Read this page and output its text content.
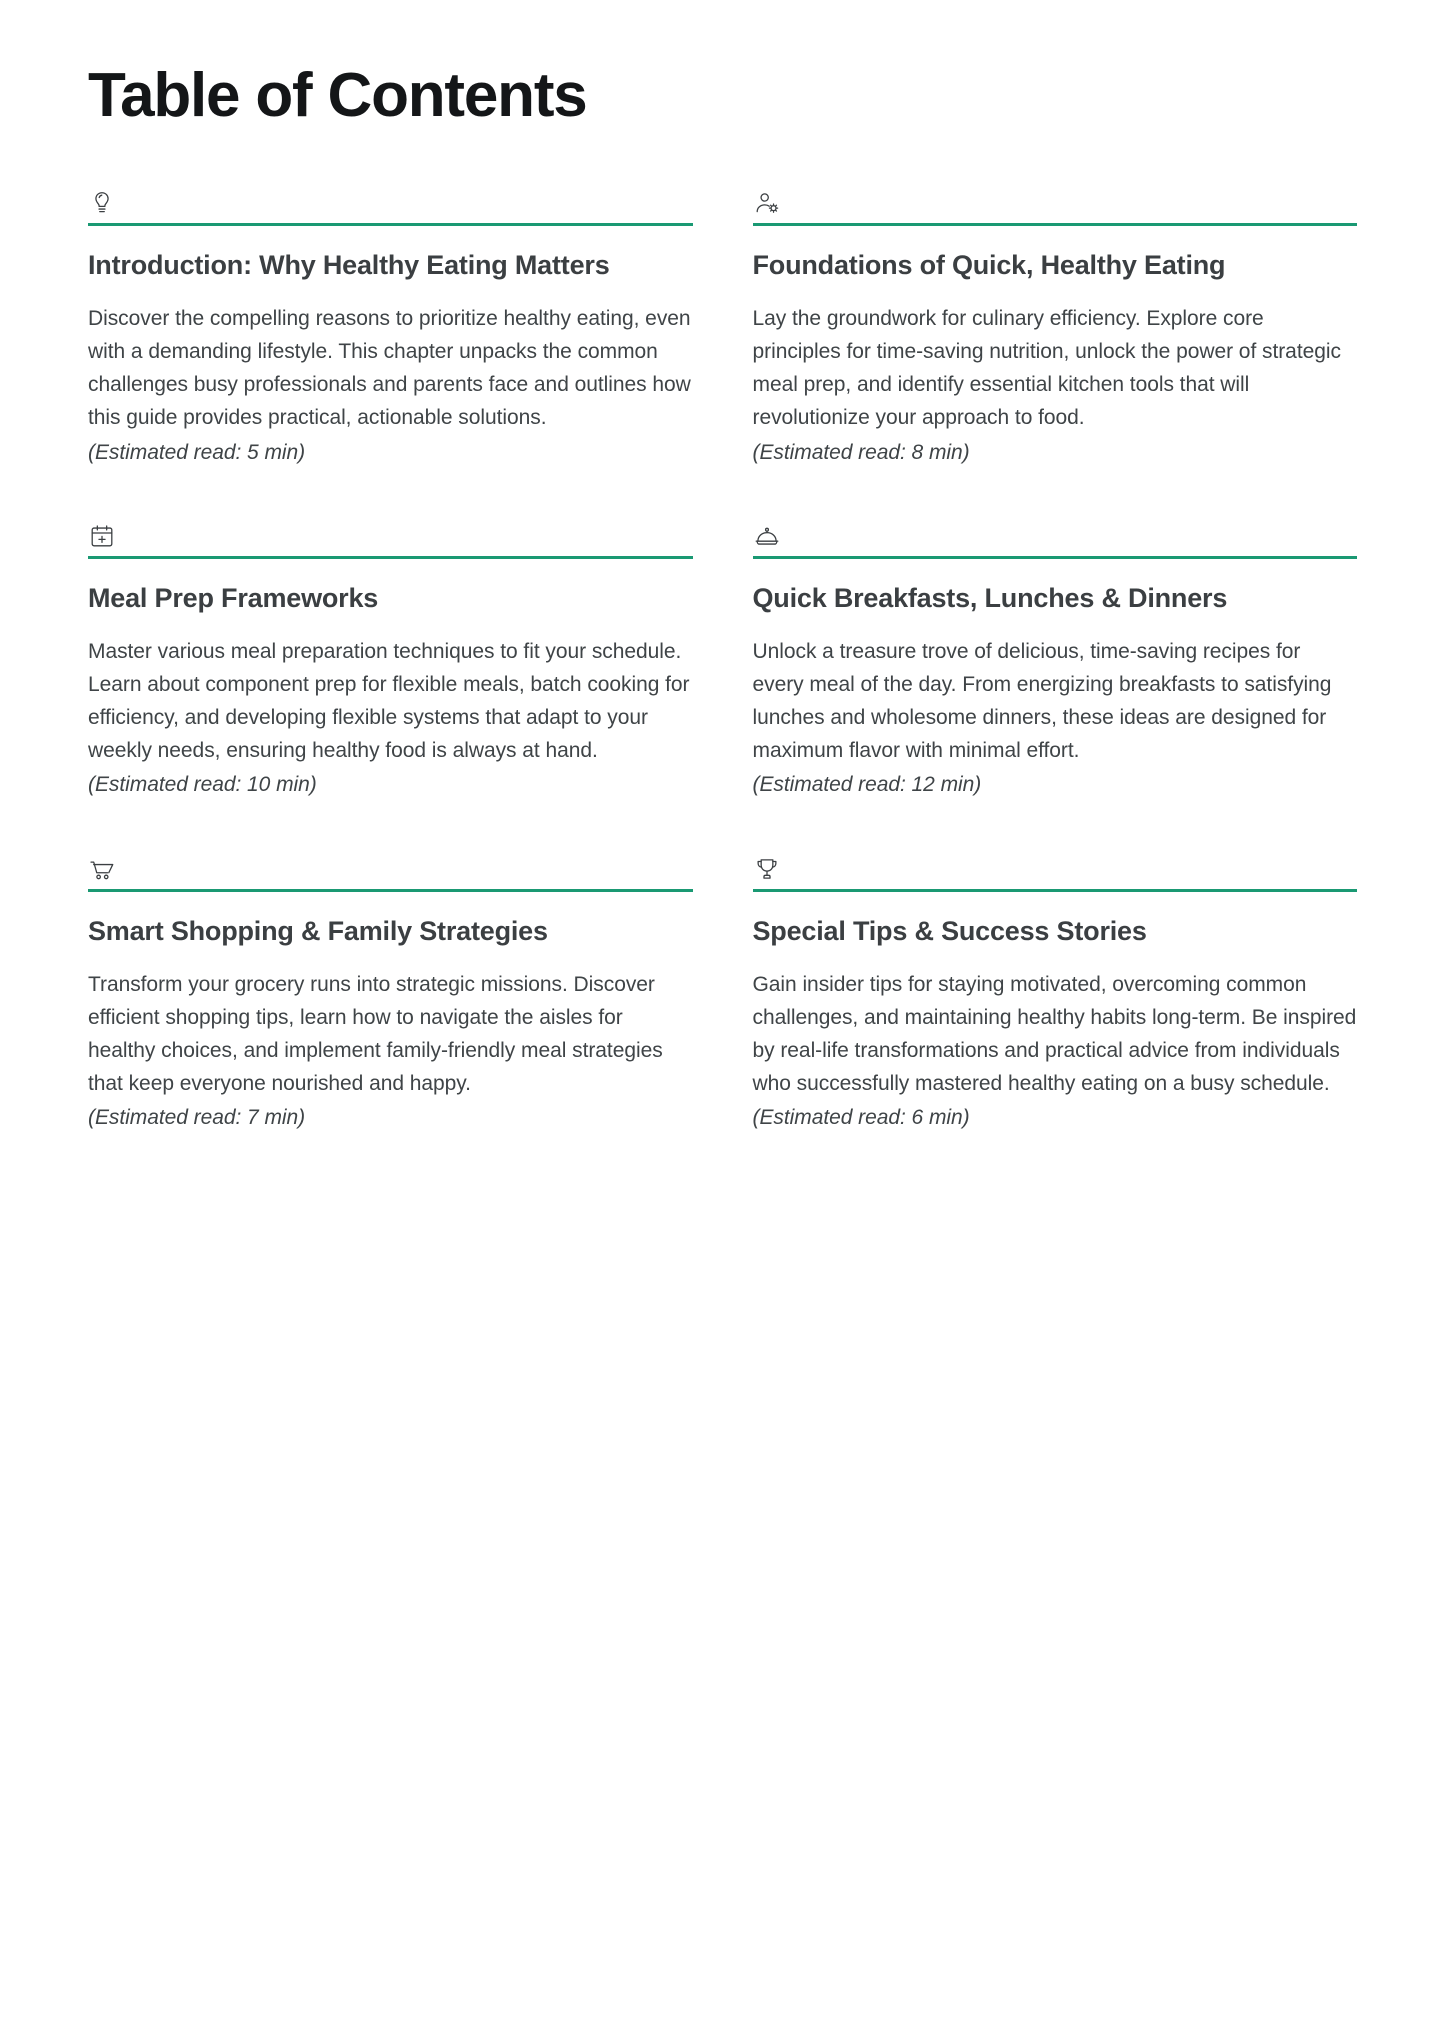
Table of Contents
Introduction: Why Healthy Eating Matters
Discover the compelling reasons to prioritize healthy eating, even with a demanding lifestyle. This chapter unpacks the common challenges busy professionals and parents face and outlines how this guide provides practical, actionable solutions.
(Estimated read: 5 min)
Foundations of Quick, Healthy Eating
Lay the groundwork for culinary efficiency. Explore core principles for time-saving nutrition, unlock the power of strategic meal prep, and identify essential kitchen tools that will revolutionize your approach to food.
(Estimated read: 8 min)
Meal Prep Frameworks
Master various meal preparation techniques to fit your schedule. Learn about component prep for flexible meals, batch cooking for efficiency, and developing flexible systems that adapt to your weekly needs, ensuring healthy food is always at hand.
(Estimated read: 10 min)
Quick Breakfasts, Lunches & Dinners
Unlock a treasure trove of delicious, time-saving recipes for every meal of the day. From energizing breakfasts to satisfying lunches and wholesome dinners, these ideas are designed for maximum flavor with minimal effort.
(Estimated read: 12 min)
Smart Shopping & Family Strategies
Transform your grocery runs into strategic missions. Discover efficient shopping tips, learn how to navigate the aisles for healthy choices, and implement family-friendly meal strategies that keep everyone nourished and happy.
(Estimated read: 7 min)
Special Tips & Success Stories
Gain insider tips for staying motivated, overcoming common challenges, and maintaining healthy habits long-term. Be inspired by real-life transformations and practical advice from individuals who successfully mastered healthy eating on a busy schedule.
(Estimated read: 6 min)
